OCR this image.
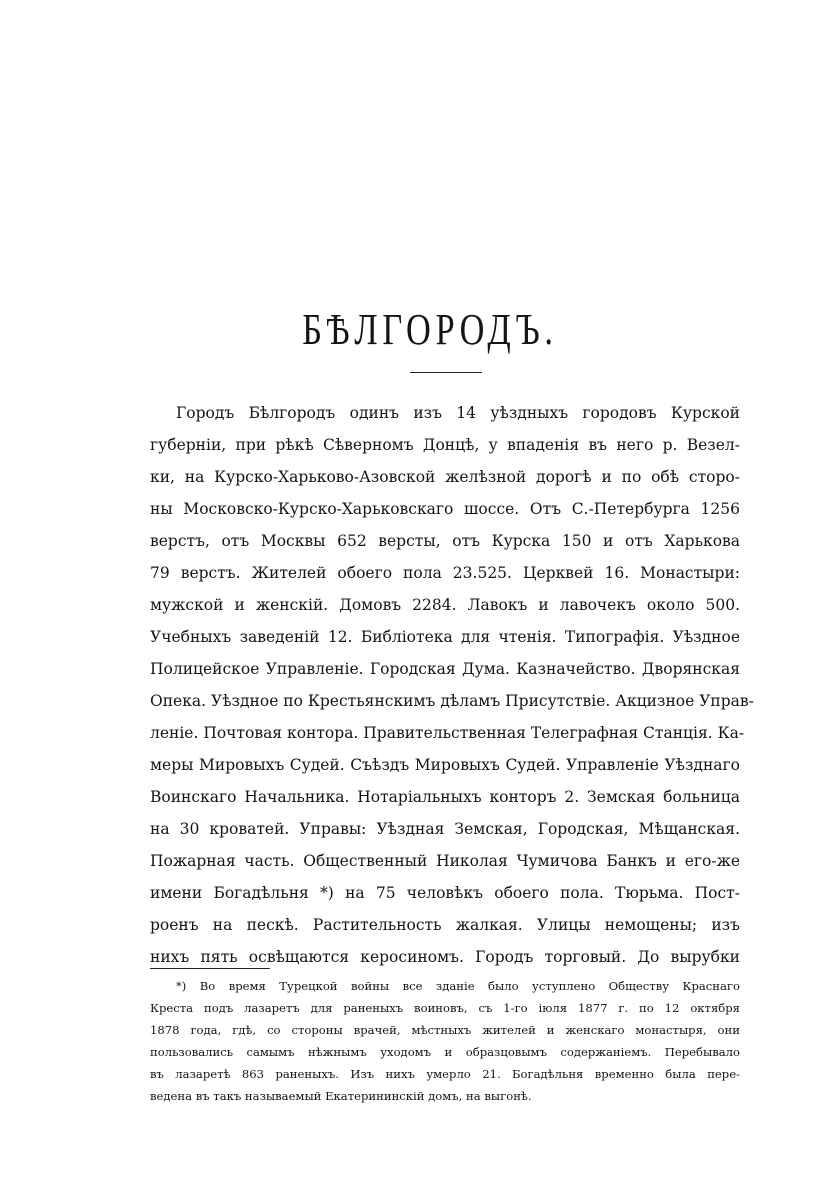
БѢЛГОРОДЪ.
Городъ Бѣлгородъ одинъ изъ 14 уѣздныхъ городовъ Курской
губерніи, при рѣкѣ Сѣверномъ Донцѣ, у впаденія въ него р. Везел-
ки, на Курско-Харьково-Азовской желѣзной дорогѣ и по обѣ сторо-
ны Московско-Курско-Харьковскаго шоссе. Отъ С.-Петербурга 1256
верстъ, отъ Москвы 652 версты, отъ Курска 150 и отъ Харькова
79 верстъ. Жителей обоего пола 23.525. Церквей 16. Монастыри:
мужской и женскій. Домовъ 2284. Лавокъ и лавочекъ около 500.
Учебныхъ заведеній 12. Библіотека для чтенія. Типографія. Уѣздное
Полицейское Управленіе. Городская Дума. Казначейство. Дворянская
Опека. Уѣздное по Крестьянскимъ дѣламъ Присутствіе. Акцизное Управ-
леніе. Почтовая контора. Правительственная Телеграфная Станція. Ка-
меры Мировыхъ Судей. Съѣздъ Мировыхъ Судей. Управленіе Уѣзднаго
Воинскаго Начальника. Нотаріальныхъ конторъ 2. Земская больница
на 30 кроватей. Управы: Уѣздная Земская, Городская, Мѣщанская.
Пожарная часть. Общественный Николая Чумичова Банкъ и его-же
имени Богадѣльня *) на 75 человѣкъ обоего пола. Тюрьма. Пост-
роенъ на пескѣ. Растительность жалкая. Улицы немощены; изъ
нихъ пять освѣщаются керосиномъ. Городъ торговый. До вырубки
*) Во время Турецкой войны все зданіе было уступлено Обществу Краснаго
Креста подъ лазаретъ для раненыхъ воиновъ, съ 1-го іюля 1877 г. по 12 октября
1878 года, гдѣ, со стороны врачей, мѣстныхъ жителей и женскаго монастыря, они
пользовались самымъ нѣжнымъ уходомъ и образцовымъ содержаніемъ. Перебывало
въ лазаретѣ 863 раненыхъ. Изъ нихъ умерло 21. Богадѣльня временно была пере-
ведена въ такъ называемый Екатерининскій домъ, на выгонѣ.
